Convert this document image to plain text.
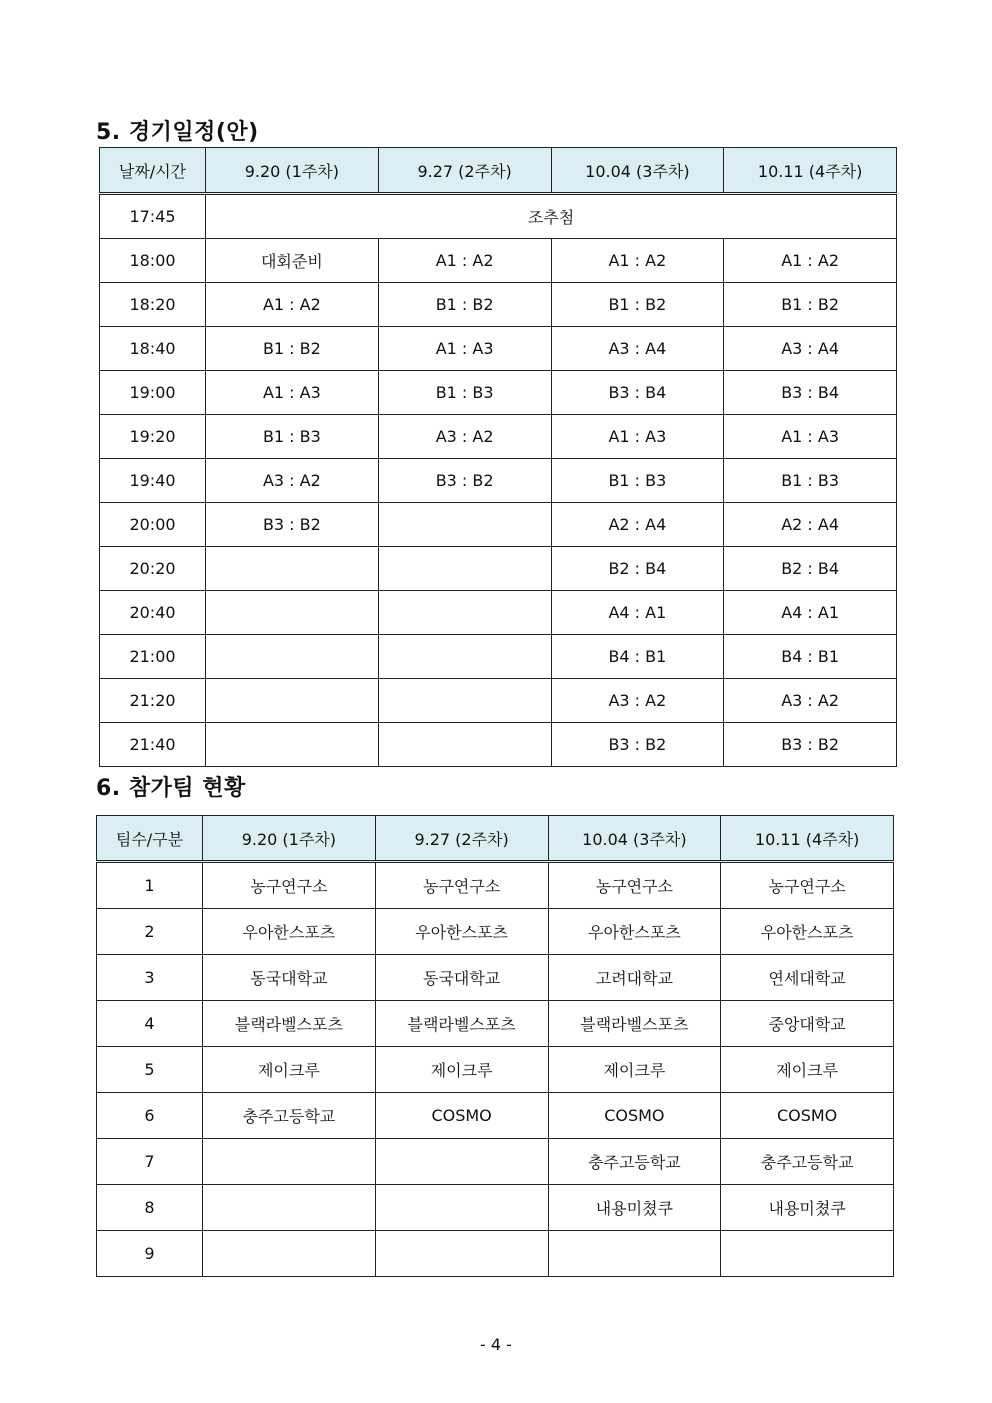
5. 경기일정(안)
날짜/시간	9.20 (1주차)	9.27 (2주차)	10.04 (3주차)	10.11 (4주차)
17:45	조추첨			
18:00	대회준비	A1 : A2	A1 : A2	A1 : A2
18:20	A1 : A2	B1 : B2	B1 : B2	B1 : B2
18:40	B1 : B2	A1 : A3	A3 : A4	A3 : A4
19:00	A1 : A3	B1 : B3	B3 : B4	B3 : B4
19:20	B1 : B3	A3 : A2	A1 : A3	A1 : A3
19:40	A3 : A2	B3 : B2	B1 : B3	B1 : B3
20:00	B3 : B2		A2 : A4	A2 : A4
20:20			B2 : B4	B2 : B4
20:40			A4 : A1	A4 : A1
21:00			B4 : B1	B4 : B1
21:20			A3 : A2	A3 : A2
21:40			B3 : B2	B3 : B2
6. 참가팀 현황
팀수/구분	9.20 (1주차)	9.27 (2주차)	10.04 (3주차)	10.11 (4주차)
1	농구연구소	농구연구소	농구연구소	농구연구소
2	우아한스포츠	우아한스포츠	우아한스포츠	우아한스포츠
3	동국대학교	동국대학교	고려대학교	연세대학교
4	블랙라벨스포츠	블랙라벨스포츠	블랙라벨스포츠	중앙대학교
5	제이크루	제이크루	제이크루	제이크루
6	충주고등학교	COSMO	COSMO	COSMO
7			충주고등학교	충주고등학교
8			내용미쳤쿠	내용미쳤쿠
9				
- 4 -
